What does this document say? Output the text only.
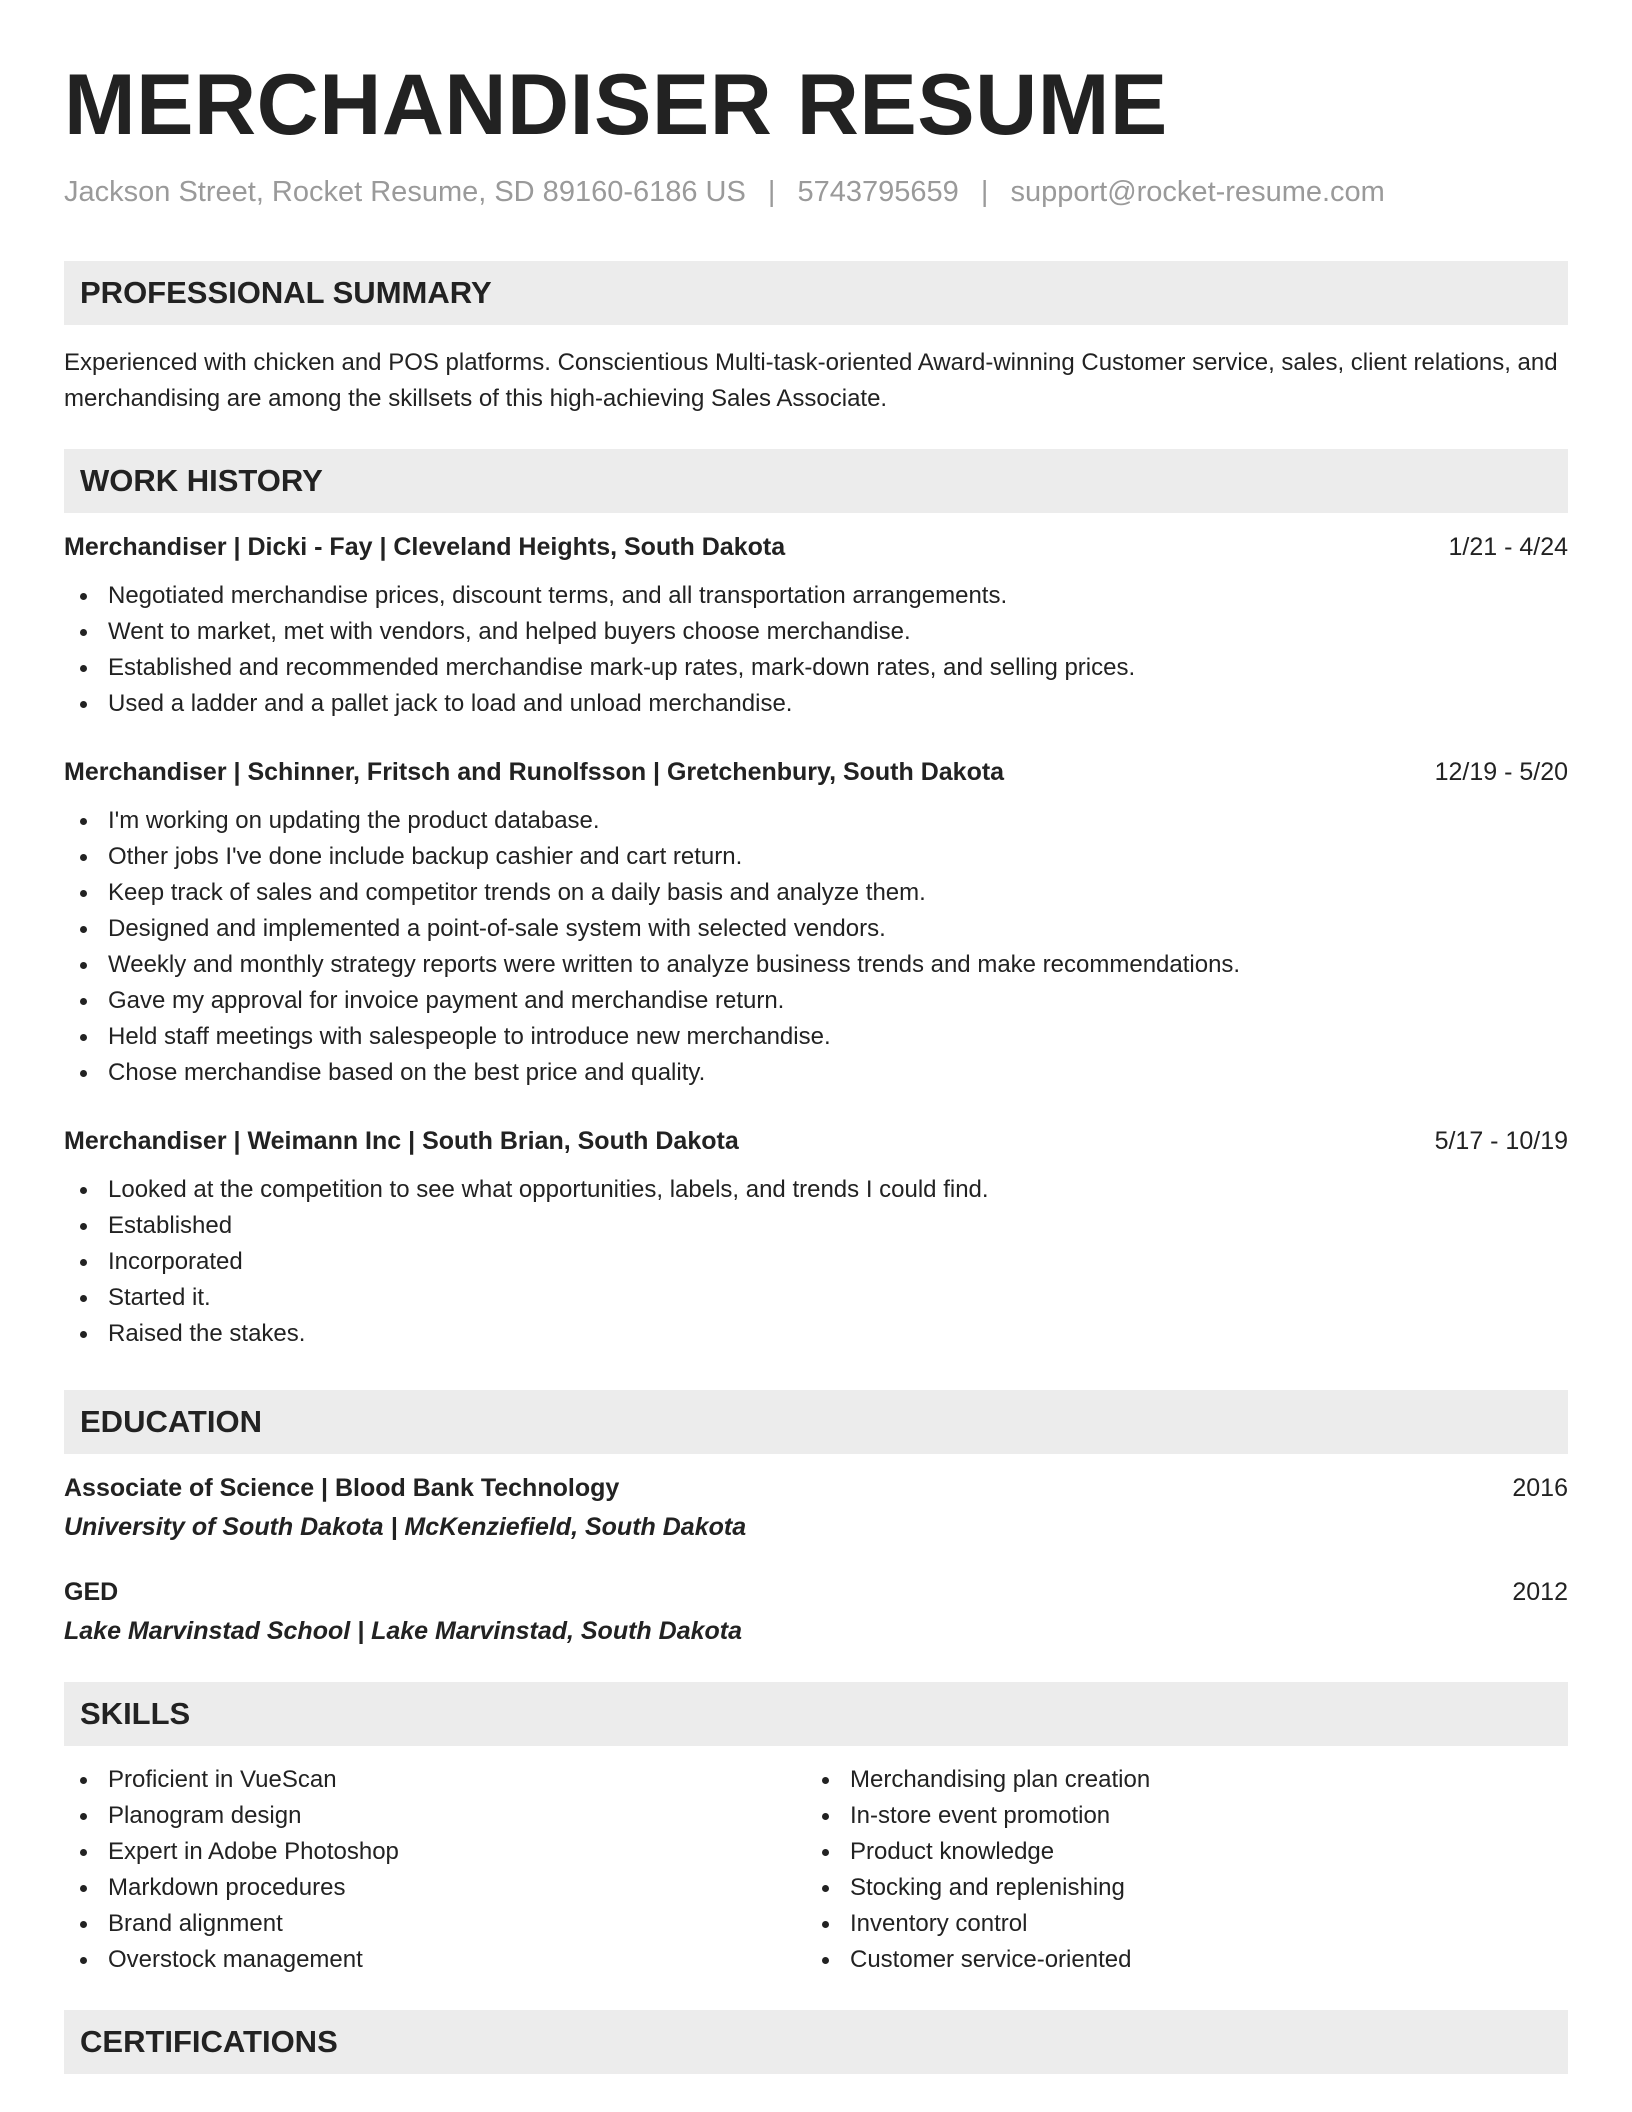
MERCHANDISER RESUME
Jackson Street, Rocket Resume, SD 89160-6186 US | 5743795659 | support@rocket-resume.com
PROFESSIONAL SUMMARY

Experienced with chicken and POS platforms. Conscientious Multi-task-oriented Award-winning Customer service, sales, client relations, and merchandising are among the skillsets of this high-achieving Sales Associate.

WORK HISTORY
Merchandiser | Dicki - Fay | Cleveland Heights, South Dakota	1/21 - 4/24
Negotiated merchandise prices, discount terms, and all transportation arrangements.
Went to market, met with vendors, and helped buyers choose merchandise.
Established and recommended merchandise mark-up rates, mark-down rates, and selling prices.
Used a ladder and a pallet jack to load and unload merchandise.
Merchandiser | Schinner, Fritsch and Runolfsson | Gretchenbury, South Dakota	12/19 - 5/20
I'm working on updating the product database.
Other jobs I've done include backup cashier and cart return.
Keep track of sales and competitor trends on a daily basis and analyze them.
Designed and implemented a point-of-sale system with selected vendors.
Weekly and monthly strategy reports were written to analyze business trends and make recommendations.
Gave my approval for invoice payment and merchandise return.
Held staff meetings with salespeople to introduce new merchandise.
Chose merchandise based on the best price and quality.
Merchandiser | Weimann Inc | South Brian, South Dakota	5/17 - 10/19
Looked at the competition to see what opportunities, labels, and trends I could find.
Established
Incorporated
Started it.
Raised the stakes.
EDUCATION
Associate of Science | Blood Bank Technology	2016
University of South Dakota | McKenziefield, South Dakota
GED	2012
Lake Marvinstad School | Lake Marvinstad, South Dakota
SKILLS
Proficient in VueScan
Planogram design
Expert in Adobe Photoshop
Markdown procedures
Brand alignment
Overstock management
Merchandising plan creation
In-store event promotion
Product knowledge
Stocking and replenishing
Inventory control
Customer service-oriented
CERTIFICATIONS
